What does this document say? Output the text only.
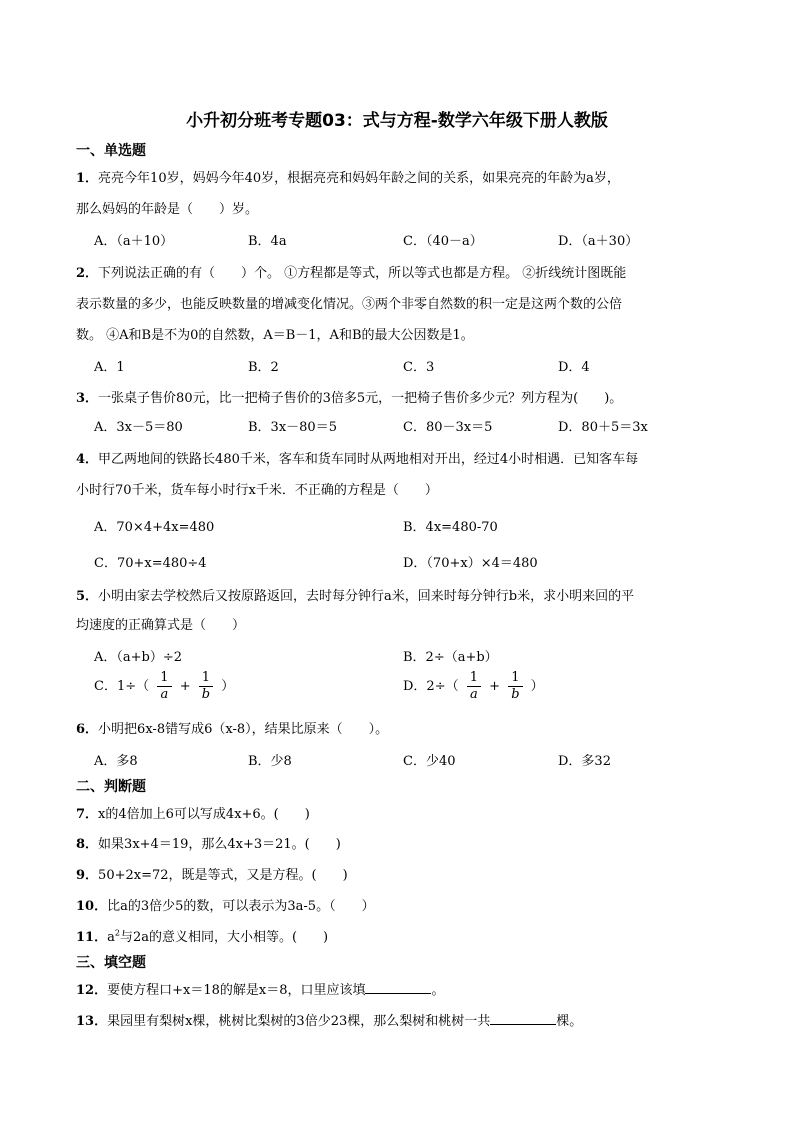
小升初分班考专题03：式与方程-数学六年级下册人教版
一、单选题
1．亮亮今年10岁，妈妈今年40岁，根据亮亮和妈妈年龄之间的关系，如果亮亮的年龄为a岁，
那么妈妈的年龄是（　　）岁。
A．（a＋10）	B．4a	C．（40－a）	D．（a＋30）
2．下列说法正确的有（　　）个。 ①方程都是等式，所以等式也都是方程。 ②折线统计图既能
表示数量的多少，也能反映数量的增减变化情况。③两个非零自然数的积一定是这两个数的公倍
数。 ④A和B是不为0的自然数，A＝B－1，A和B的最大公因数是1。
A．1	B．2	C．3	D．4
3．一张桌子售价80元，比一把椅子售价的3倍多5元，一把椅子售价多少元？列方程为(　　)。
A．3x－5＝80	B．3x－80＝5	C．80－3x＝5	D．80＋5＝3x
4．甲乙两地间的铁路长480千米，客车和货车同时从两地相对开出，经过4小时相遇．已知客车每
小时行70千米，货车每小时行x千米．不正确的方程是（　　）
A．70×4+4x=480	B．4x=480-70
C．70+x=480÷4	D．（70+x）×4＝480
5．小明由家去学校然后又按原路返回，去时每分钟行a米，回来时每分钟行b米，求小明来回的平
均速度的正确算式是（　　）
A．（a+b）÷2	B．2÷（a+b）
C．$1\div( \frac{1}{a} + \frac{1}{b}$ ）	D．$2\div( \frac{1}{a} + \frac{1}{b}$ ）
6．小明把6x-8错写成6（x-8），结果比原来（　　）。
A．多8	B．少8	C．少40	D．多32
二、判断题
7．x的4倍加上6可以写成4x+6。(　　)
8．如果3x+4＝19，那么4x+3＝21。(　　)
9．50+2x=72，既是等式，又是方程。(　　)
10．比a的3倍少5的数，可以表示为3a-5。（　　）
11．$a^2$与2a的意义相同，大小相等。(　　)
三、填空题
12．要使方程口+x＝18的解是x＝8，口里应该填	。
13．果园里有梨树x棵，桃树比梨树的3倍少23棵，那么梨树和桃树一共	棵。
